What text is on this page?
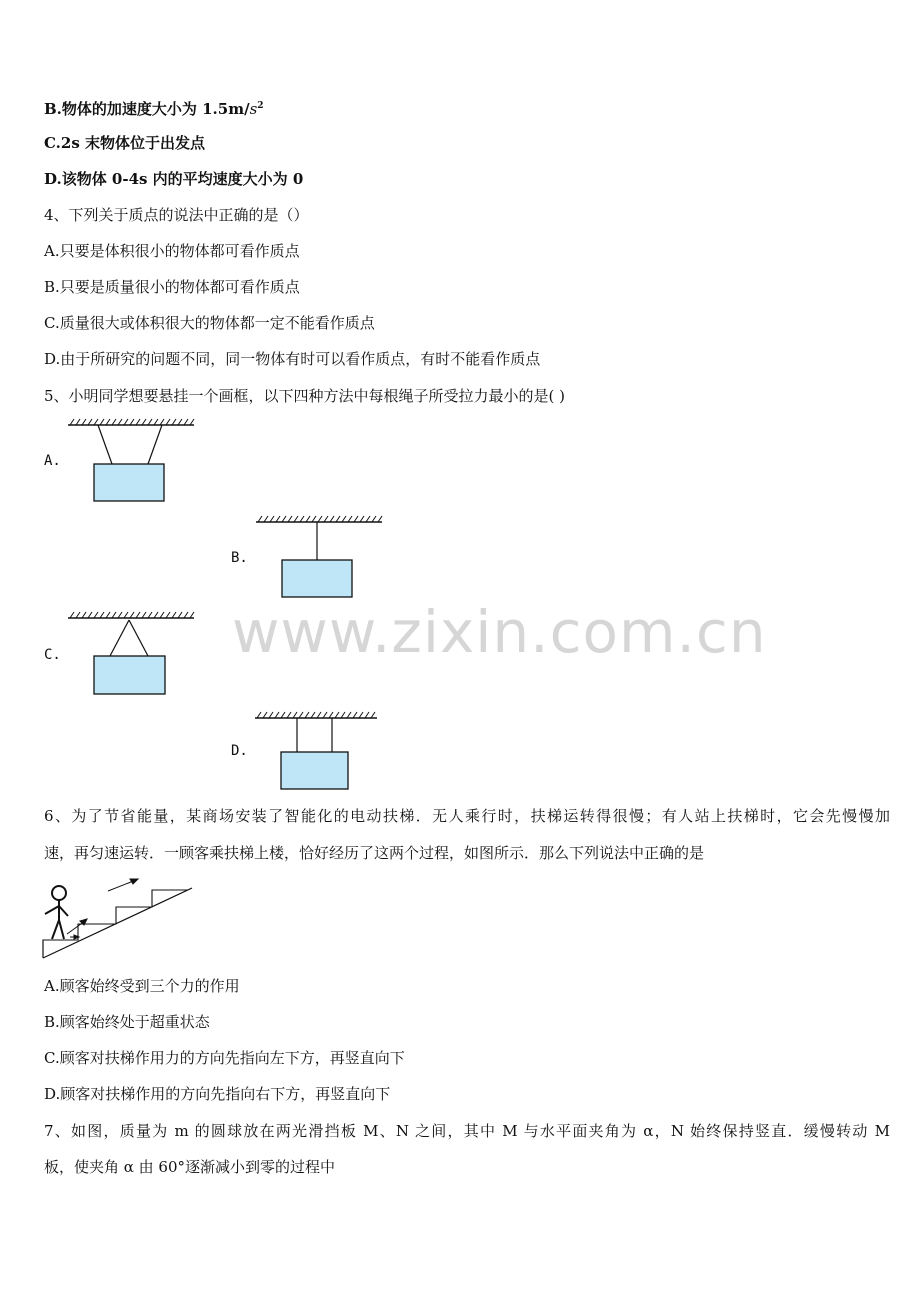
B.物体的加速度大小为 $1.5m/s^2$
C.2s 末物体位于出发点
D.该物体 0-4s 内的平均速度大小为 0
4、下列关于质点的说法中正确的是（）
A.只要是体积很小的物体都可看作质点
B.只要是质量很小的物体都可看作质点
C.质量很大或体积很大的物体都一定不能看作质点
D.由于所研究的问题不同，同一物体有时可以看作质点，有时不能看作质点
5、小明同学想要悬挂一个画框，以下四种方法中每根绳子所受拉力最小的是( )
A.
B.
C.
D.
www.zixin.com.cn
6、为了节省能量，某商场安装了智能化的电动扶梯．无人乘行时，扶梯运转得很慢；有人站上扶梯时，它会先慢慢加
速，再匀速运转．一顾客乘扶梯上楼，恰好经历了这两个过程，如图所示．那么下列说法中正确的是
A.顾客始终受到三个力的作用
B.顾客始终处于超重状态
C.顾客对扶梯作用力的方向先指向左下方，再竖直向下
D.顾客对扶梯作用的方向先指向右下方，再竖直向下
7、如图，质量为 m 的圆球放在两光滑挡板 M、N 之间，其中 M 与水平面夹角为 α，N 始终保持竖直．缓慢转动 M
板，使夹角 α 由 60°逐渐减小到零的过程中
